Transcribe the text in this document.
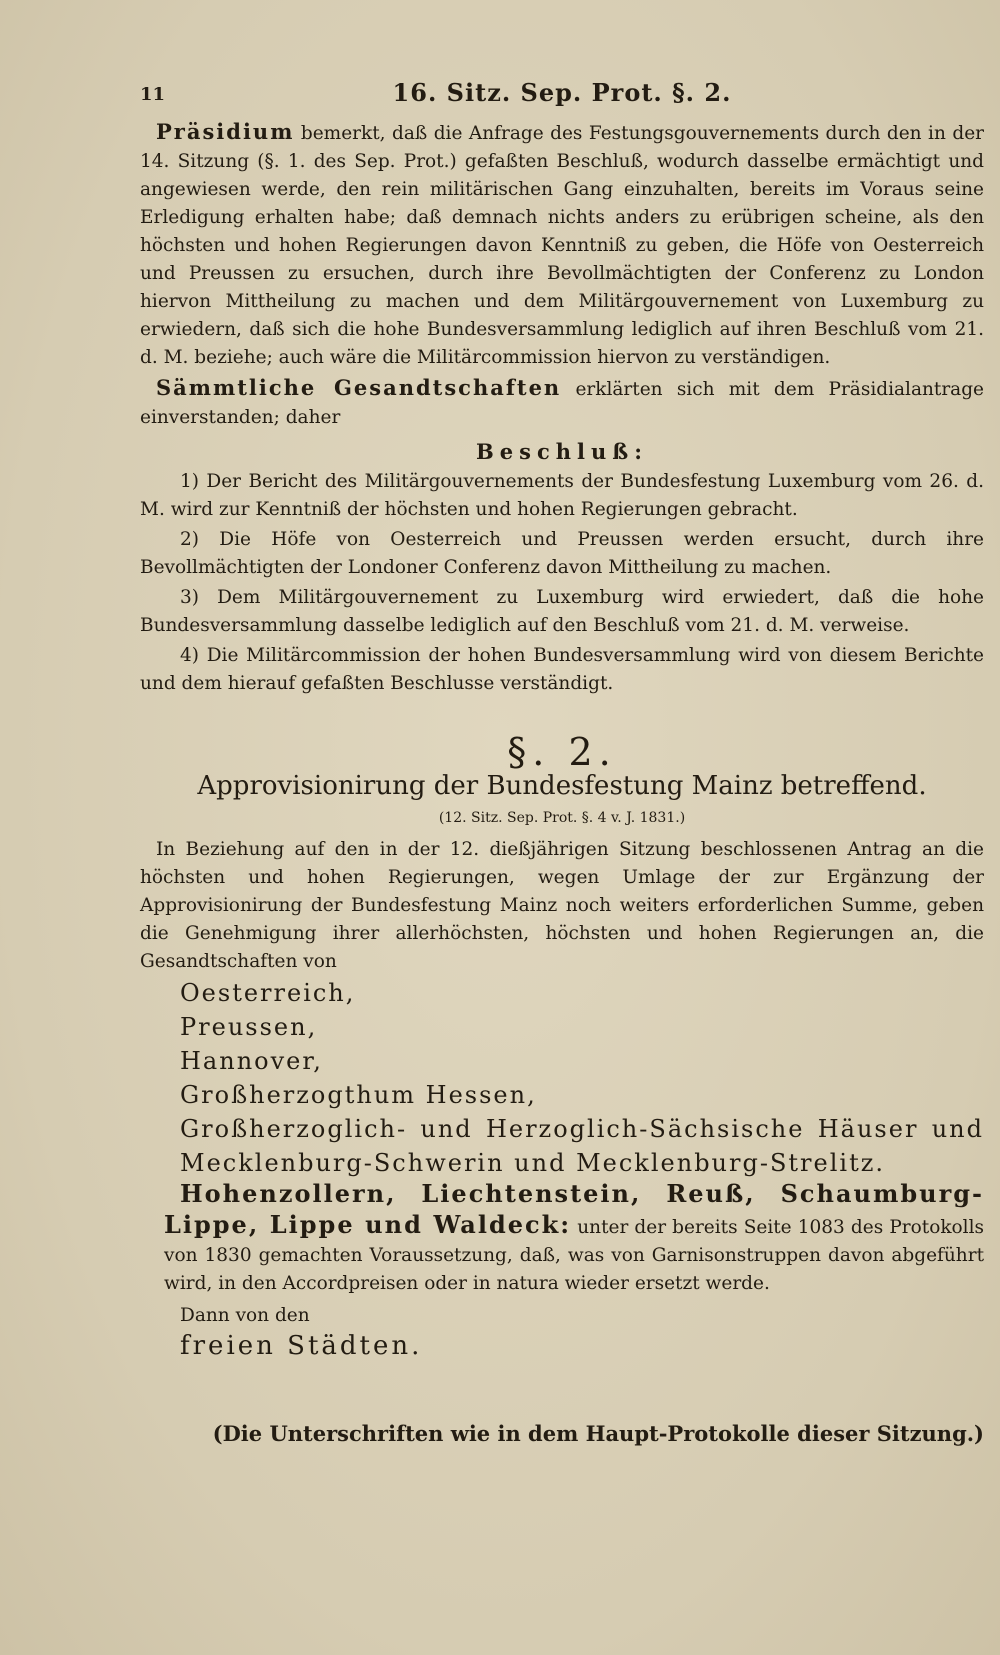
11	16. Sitz. Sep. Prot. §. 2.

Präsidium bemerkt, daß die Anfrage des Festungsgouvernements durch den in der 14. Sitzung (§. 1. des Sep. Prot.) gefaßten Beschluß, wodurch dasselbe ermächtigt und angewiesen werde, den rein militärischen Gang einzuhalten, bereits im Voraus seine Erledigung erhalten habe; daß demnach nichts anders zu erübrigen scheine, als den höchsten und hohen Regierungen davon Kenntniß zu geben, die Höfe von Oesterreich und Preussen zu ersuchen, durch ihre Bevollmächtigten der Conferenz zu London hiervon Mittheilung zu machen und dem Militärgouvernement von Luxemburg zu erwiedern, daß sich die hohe Bundesversammlung lediglich auf ihren Beschluß vom 21. d. M. beziehe; auch wäre die Militärcommission hiervon zu verständigen.

Sämmtliche Gesandtschaften erklärten sich mit dem Präsidialantrage einverstanden; daher

Beschluß:

1) Der Bericht des Militärgouvernements der Bundesfestung Luxemburg vom 26. d. M. wird zur Kenntniß der höchsten und hohen Regierungen gebracht.

2) Die Höfe von Oesterreich und Preussen werden ersucht, durch ihre Bevollmächtigten der Londoner Conferenz davon Mittheilung zu machen.

3) Dem Militärgouvernement zu Luxemburg wird erwiedert, daß die hohe Bundesversammlung dasselbe lediglich auf den Beschluß vom 21. d. M. verweise.

4) Die Militärcommission der hohen Bundesversammlung wird von diesem Berichte und dem hierauf gefaßten Beschlusse verständigt.

§. 2.
Approvisionirung der Bundesfestung Mainz betreffend.
(12. Sitz. Sep. Prot. §. 4 v. J. 1831.)

In Beziehung auf den in der 12. dießjährigen Sitzung beschlossenen Antrag an die höchsten und hohen Regierungen, wegen Umlage der zur Ergänzung der Approvisionirung der Bundesfestung Mainz noch weiters erforderlichen Summe, geben die Genehmigung ihrer allerhöchsten, höchsten und hohen Regierungen an, die Gesandtschaften von

Oesterreich,
Preussen,
Hannover,
Großherzogthum Hessen,
Großherzoglich- und Herzoglich-Sächsische Häuser und Mecklenburg-Schwerin und Mecklenburg-Strelitz.

Hohenzollern, Liechtenstein, Reuß, Schaumburg-Lippe, Lippe und Waldeck: unter der bereits Seite 1083 des Protokolls von 1830 gemachten Voraussetzung, daß, was von Garnisonstruppen davon abgeführt wird, in den Accordpreisen oder in natura wieder ersetzt werde.

Dann von den
freien Städten.
(Die Unterschriften wie in dem Haupt-Protokolle dieser Sitzung.)
